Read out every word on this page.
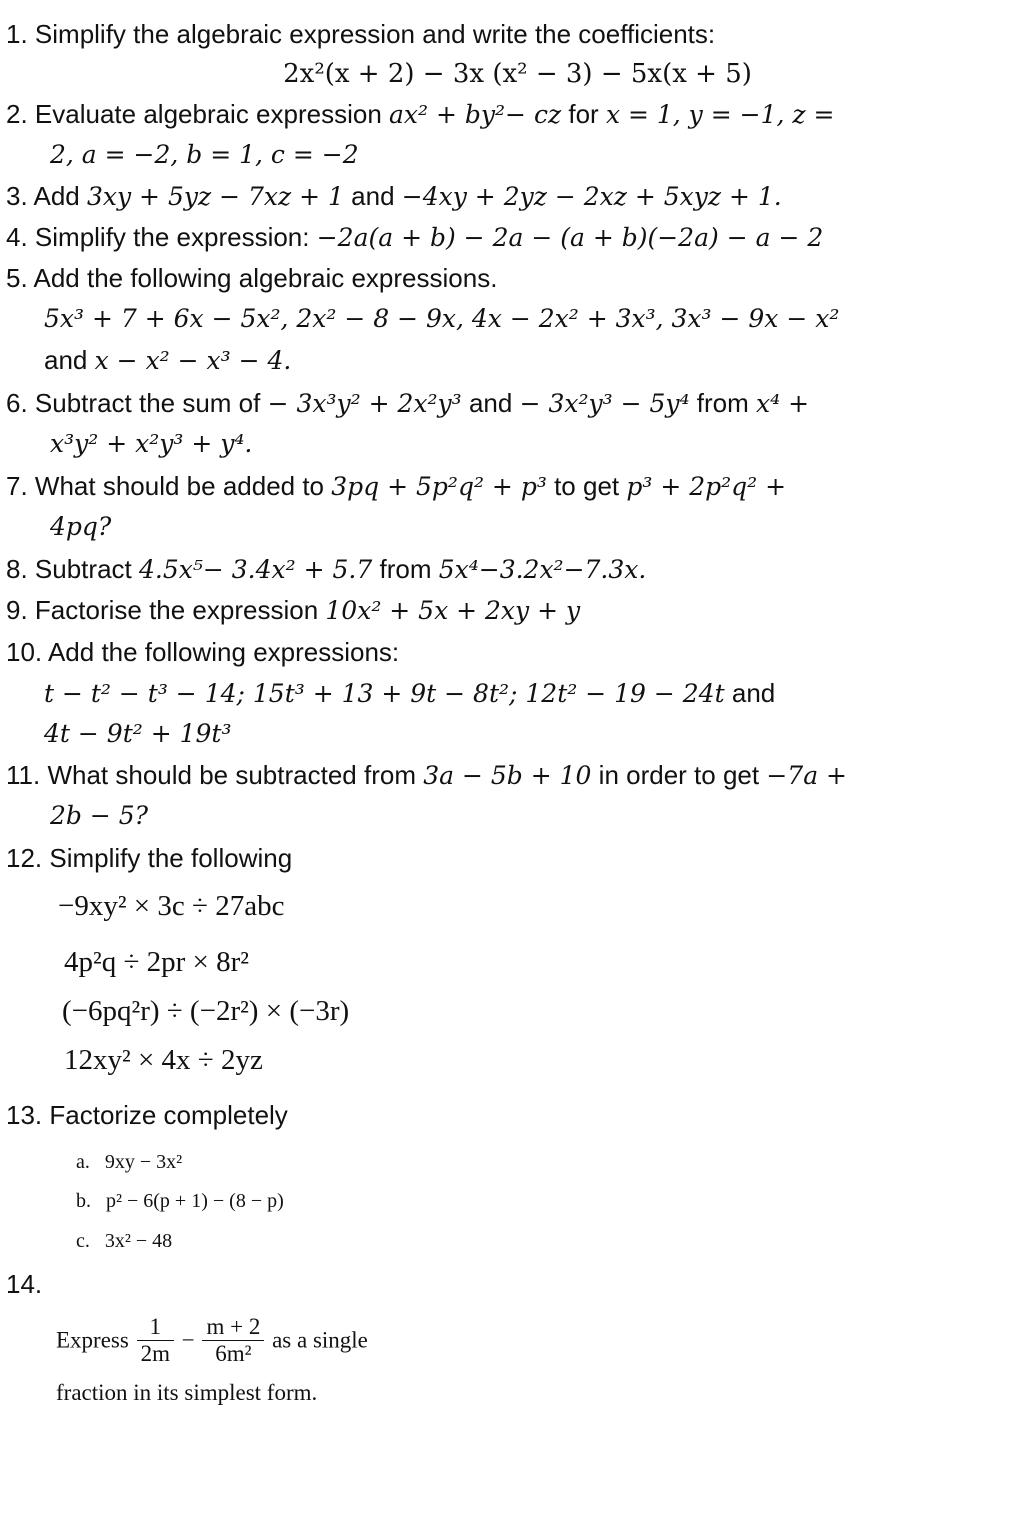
1. Simplify the algebraic expression and write the coefficients:
2x²(x + 2) − 3x (x² − 3) − 5x(x + 5)
2. Evaluate algebraic expression ax² + by²− cz for x = 1, y = −1, z =
2, a = −2, b = 1, c = −2
3. Add 3xy + 5yz − 7xz + 1 and −4xy + 2yz − 2xz + 5xyz + 1.
4. Simplify the expression: −2a(a + b) − 2a − (a + b)(−2a) − a − 2
5. Add the following algebraic expressions.
5x³ + 7 + 6x − 5x², 2x² − 8 − 9x, 4x − 2x² + 3x³, 3x³ − 9x − x²
and x − x² − x³ − 4.
6. Subtract the sum of − 3x³y² + 2x²y³ and − 3x²y³ − 5y⁴ from x⁴ +
x³y² + x²y³ + y⁴.
7. What should be added to 3pq + 5p²q² + p³ to get p³ + 2p²q² +
4pq?
8. Subtract 4.5x⁵− 3.4x² + 5.7 from 5x⁴−3.2x²−7.3x.
9. Factorise the expression 10x² + 5x + 2xy + y
10. Add the following expressions:
t − t² − t³ − 14; 15t³ + 13 + 9t − 8t²; 12t² − 19 − 24t and
4t − 9t² + 19t³
11. What should be subtracted from 3a − 5b + 10 in order to get −7a +
2b − 5?
12. Simplify the following
−9xy² × 3c ÷ 27abc
4p²q ÷ 2pr × 8r²
(−6pq²r) ÷ (−2r²) × (−3r)
12xy² × 4x ÷ 2yz
13. Factorize completely
a. 9xy − 3x²
b. p² − 6(p + 1) − (8 − p)
c. 3x² − 48
14.
Express $\frac{1}{2m} - \frac{m + 2}{\text{6m²}}$ as a single
fraction in its simplest form.
